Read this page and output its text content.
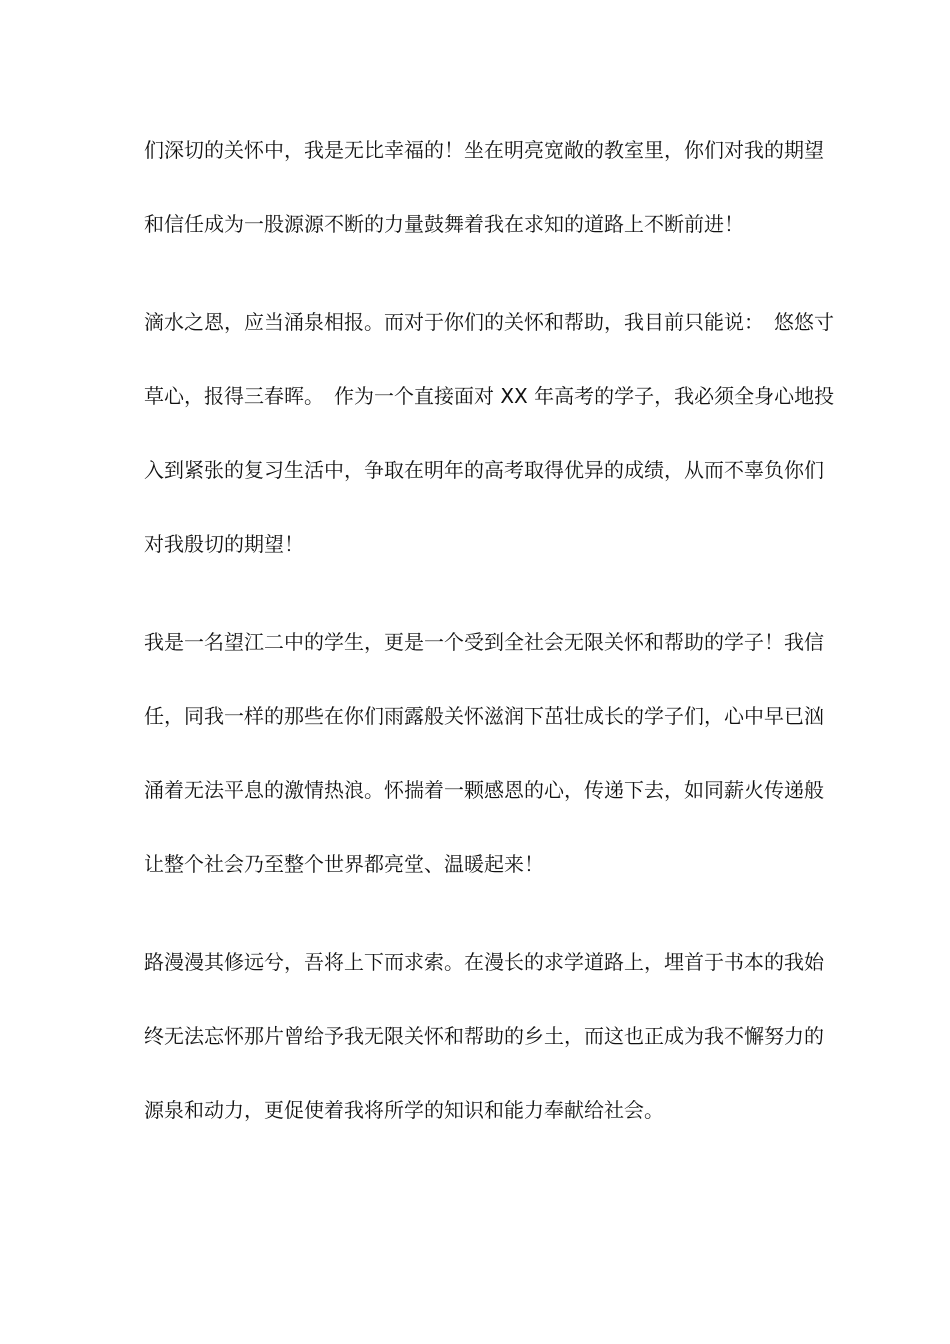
们深切的关怀中，我是无比幸福的！坐在明亮宽敞的教室里，你们对我的期望
和信任成为一股源源不断的力量鼓舞着我在求知的道路上不断前进！
滴水之恩，应当涌泉相报。而对于你们的关怀和帮助，我目前只能说：　悠悠寸
草心，报得三春晖。　作为一个直接面对 XX 年高考的学子，我必须全身心地投
入到紧张的复习生活中，争取在明年的高考取得优异的成绩，从而不辜负你们
对我殷切的期望！
我是一名望江二中的学生，更是一个受到全社会无限关怀和帮助的学子！我信
任，同我一样的那些在你们雨露般关怀滋润下茁壮成长的学子们，心中早已汹
涌着无法平息的激情热浪。怀揣着一颗感恩的心，传递下去，如同薪火传递般
让整个社会乃至整个世界都亮堂、温暖起来！
路漫漫其修远兮，吾将上下而求索。在漫长的求学道路上，埋首于书本的我始
终无法忘怀那片曾给予我无限关怀和帮助的乡土，而这也正成为我不懈努力的
源泉和动力，更促使着我将所学的知识和能力奉献给社会。
